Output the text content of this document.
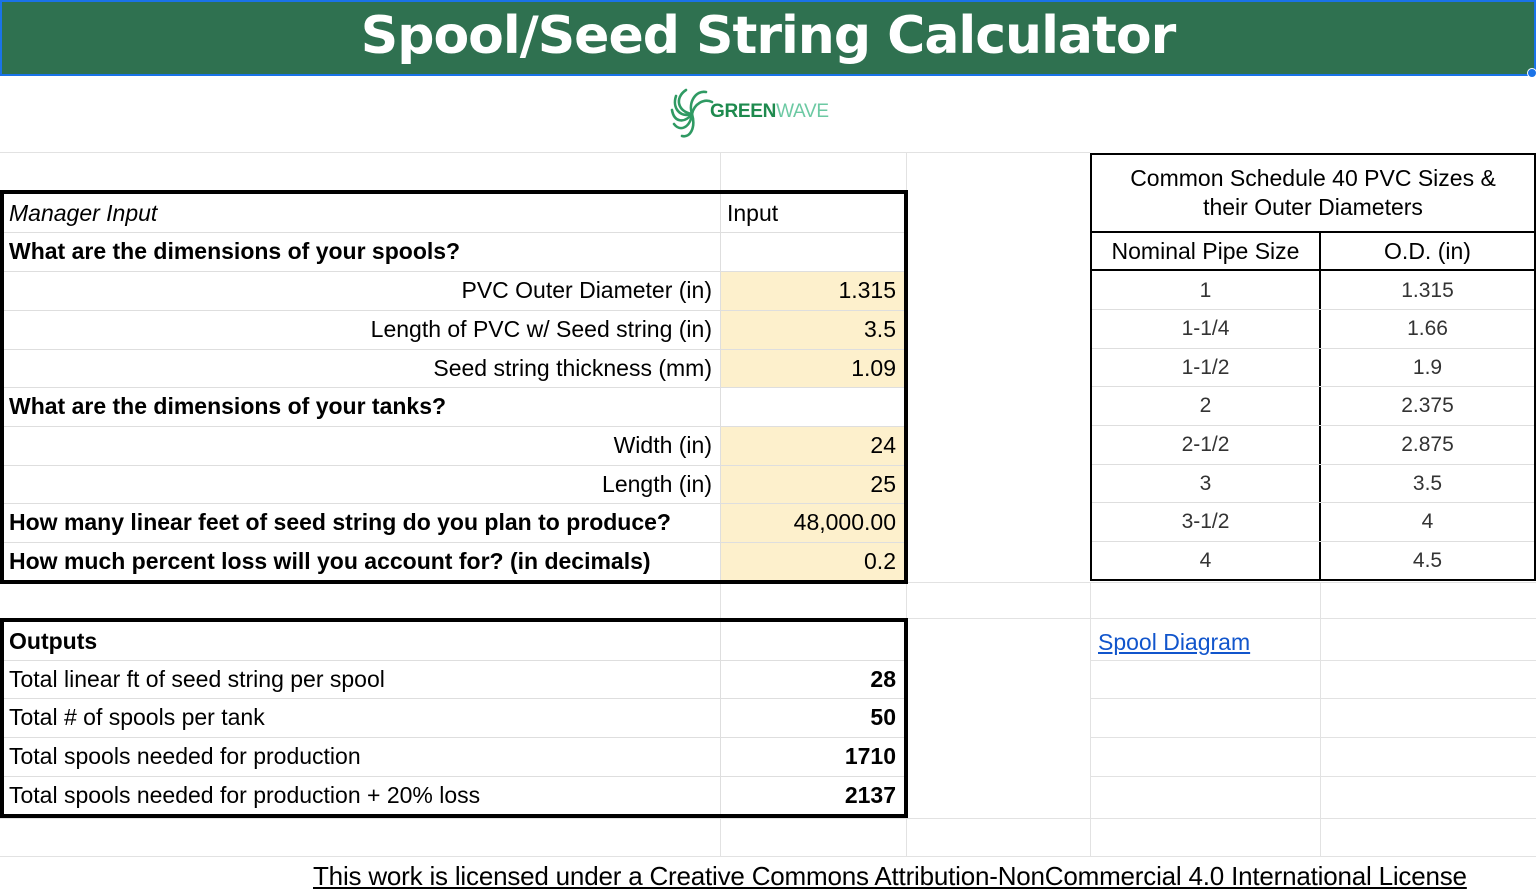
Spool/Seed String Calculator
GREENWAVE
Manager Input	Input
What are the dimensions of your spools?
PVC Outer Diameter (in)	1.315
Length of PVC w/ Seed string (in)	3.5
Seed string thickness (mm)	1.09
What are the dimensions of your tanks?
Width (in)	24
Length (in)	25
How many linear feet of seed string do you plan to produce?	48,000.00
How much percent loss will you account for? (in decimals)	0.2
Outputs
Total linear ft of seed string per spool	28
Total # of spools per tank	50
Total spools needed for production	1710
Total spools needed for production + 20% loss	2137
Common Schedule 40 PVC Sizes &
their Outer Diameters
Nominal Pipe Size	O.D. (in)
1	1.315
1-1/4	1.66
1-1/2	1.9
2	2.375
2-1/2	2.875
3	3.5
3-1/2	4
4	4.5
Spool Diagram
This work is licensed under a Creative Commons Attribution-NonCommercial 4.0 International License
